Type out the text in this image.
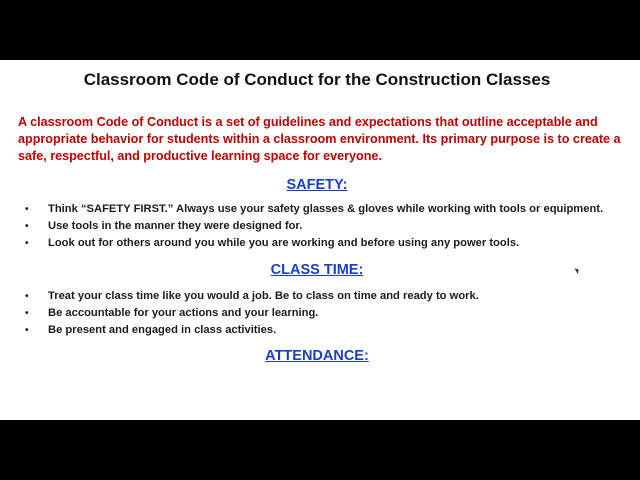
Classroom Code of Conduct for the Construction Classes

A classroom Code of Conduct is a set of guidelines and expectations that outline acceptable and appropriate behavior for students within a classroom environment. Its primary purpose is to create a safe, respectful, and productive learning space for everyone.

SAFETY:
• Think “SAFETY FIRST.” Always use your safety glasses & gloves while working with tools or equipment.
• Use tools in the manner they were designed for.
• Look out for others around you while you are working and before using any power tools.
CLASS TIME:
• Treat your class time like you would a job. Be to class on time and ready to work.
• Be accountable for your actions and your learning.
• Be present and engaged in class activities.
ATTENDANCE:
